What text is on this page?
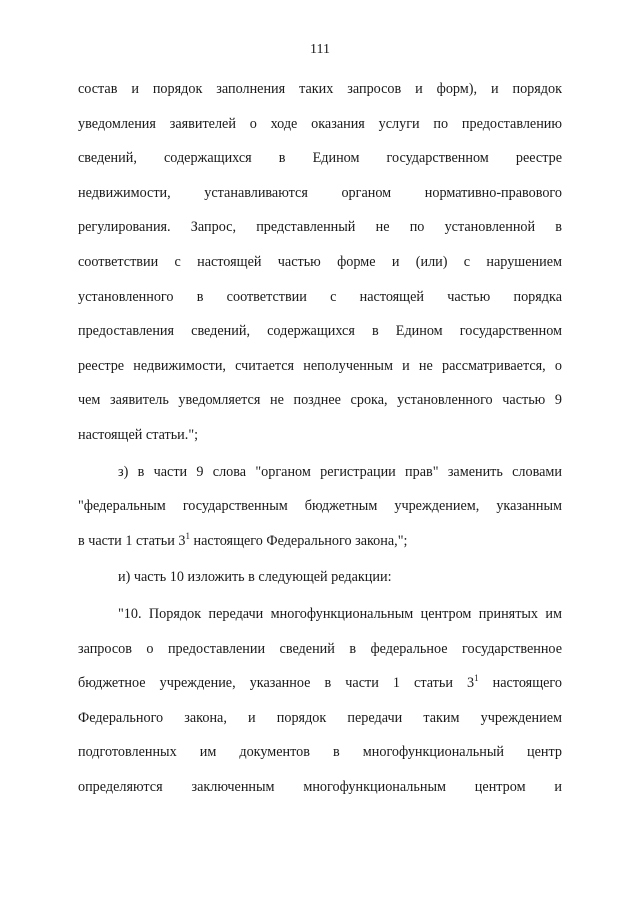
111
состав и порядок заполнения таких запросов и форм), и порядок
уведомления заявителей о ходе оказания услуги по предоставлению
сведений, содержащихся в Едином государственном реестре
недвижимости, устанавливаются органом нормативно-правового
регулирования. Запрос, представленный не по установленной в
соответствии с настоящей частью форме и (или) с нарушением
установленного в соответствии с настоящей частью порядка
предоставления сведений, содержащихся в Едином государственном
реестре недвижимости, считается неполученным и не рассматривается, о
чем заявитель уведомляется не позднее срока, установленного частью 9
настоящей статьи.";
з) в части 9 слова "органом регистрации прав" заменить словами
"федеральным государственным бюджетным учреждением, указанным
в части 1 статьи $3^1$ настоящего Федерального закона,";
и) часть 10 изложить в следующей редакции:
"10. Порядок передачи многофункциональным центром принятых им
запросов о предоставлении сведений в федеральное государственное
бюджетное учреждение, указанное в части 1 статьи $3^1$ настоящего
Федерального закона, и порядок передачи таким учреждением
подготовленных им документов в многофункциональный центр
определяются заключенным многофункциональным центром и
